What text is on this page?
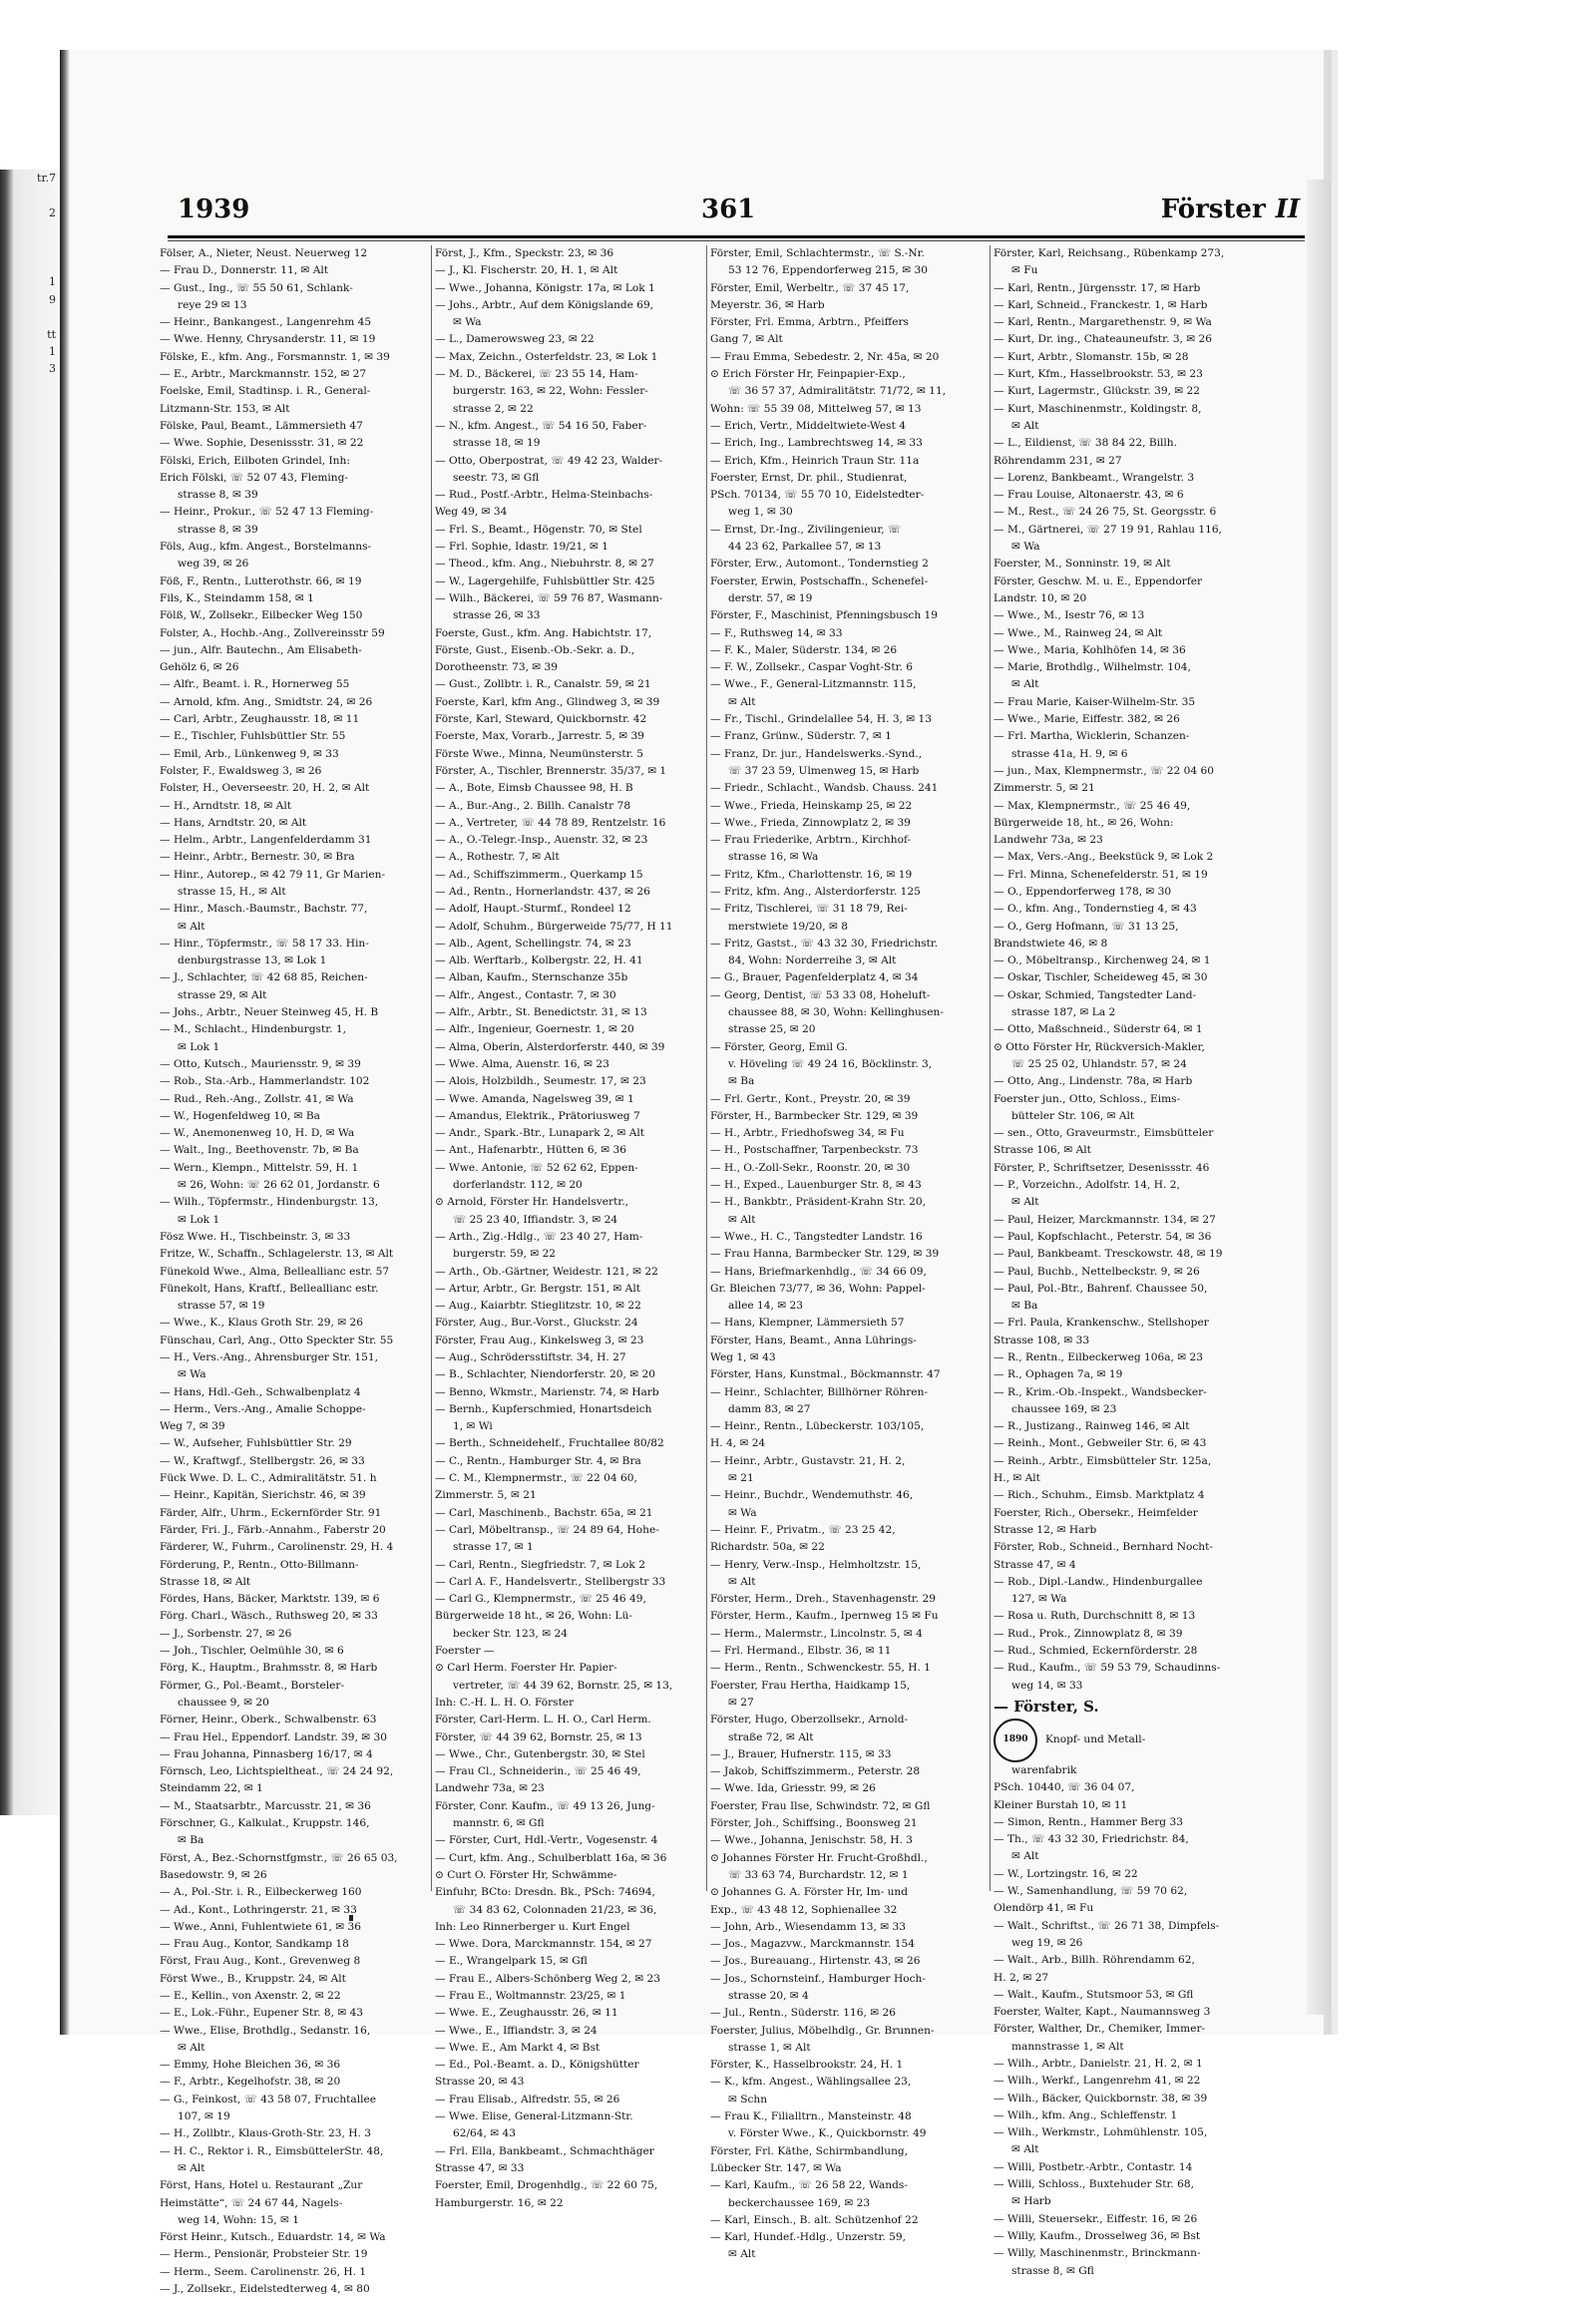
tr.7

2

1
9

tt
1
3

1939	361	Förster II
Fölser, A., Nieter, Neust. Neuerweg 12
— Frau D., Donnerstr. 11, ✉ Alt
— Gust., Ing., ☏ 55 50 61, Schlank-
reye 29 ✉ 13
— Heinr., Bankangest., Langenrehm 45
— Wwe. Henny, Chrysanderstr. 11, ✉ 19
Fölske, E., kfm. Ang., Forsmannstr. 1, ✉ 39
— E., Arbtr., Marckmannstr. 152, ✉ 27
Foelske, Emil, Stadtinsp. i. R., General-
Litzmann-Str. 153, ✉ Alt
Fölske, Paul, Beamt., Lämmersieth 47
— Wwe. Sophie, Desenissstr. 31, ✉ 22
Fölski, Erich, Eilboten Grindel, Inh:
Erich Fölski, ☏ 52 07 43, Fleming-
strasse 8, ✉ 39
— Heinr., Prokur., ☏ 52 47 13 Fleming-
strasse 8, ✉ 39
Föls, Aug., kfm. Angest., Borstelmanns-
weg 39, ✉ 26
Föß, F., Rentn., Lutterothstr. 66, ✉ 19
Fils, K., Steindamm 158, ✉ 1
Fölß, W., Zollsekr., Eilbecker Weg 150
Folster, A., Hochb.-Ang., Zollvereinsstr 59
— jun., Alfr. Bautechn., Am Elisabeth-
Gehölz 6, ✉ 26
— Alfr., Beamt. i. R., Hornerweg 55
— Arnold, kfm. Ang., Smidtstr. 24, ✉ 26
— Carl, Arbtr., Zeughausstr. 18, ✉ 11
— E., Tischler, Fuhlsbüttler Str. 55
— Emil, Arb., Lünkenweg 9, ✉ 33
Folster, F., Ewaldsweg 3, ✉ 26
Folster, H., Oeverseestr. 20, H. 2, ✉ Alt
— H., Arndtstr. 18, ✉ Alt
— Hans, Arndtstr. 20, ✉ Alt
— Helm., Arbtr., Langenfelderdamm 31
— Heinr., Arbtr., Bernestr. 30, ✉ Bra
— Hinr., Autorep., ✉ 42 79 11, Gr Marien-
strasse 15, H., ✉ Alt
— Hinr., Masch.-Baumstr., Bachstr. 77,
✉ Alt
— Hinr., Töpfermstr., ☏ 58 17 33. Hin-
denburgstrasse 13, ✉ Lok 1
— J., Schlachter, ☏ 42 68 85, Reichen-
strasse 29, ✉ Alt
— Johs., Arbtr., Neuer Steinweg 45, H. B
— M., Schlacht., Hindenburgstr. 1,
✉ Lok 1
— Otto, Kutsch., Mauriensstr. 9, ✉ 39
— Rob., Sta.-Arb., Hammerlandstr. 102
— Rud., Reh.-Ang., Zollstr. 41, ✉ Wa
— W., Hogenfeldweg 10, ✉ Ba
— W., Anemonenweg 10, H. D, ✉ Wa
— Walt., Ing., Beethovenstr. 7b, ✉ Ba
— Wern., Klempn., Mittelstr. 59, H. 1
✉ 26, Wohn: ☏ 26 62 01, Jordanstr. 6
— Wilh., Töpfermstr., Hindenburgstr. 13,
✉ Lok 1
Fösz Wwe. H., Tischbeinstr. 3, ✉ 33
Fritze, W., Schaffn., Schlagelerstr. 13, ✉ Alt
Fünekold Wwe., Alma, Belleallianc estr. 57
Fünekolt, Hans, Kraftf., Belleallianc estr.
strasse 57, ✉ 19
— Wwe., K., Klaus Groth Str. 29, ✉ 26
Fünschau, Carl, Ang., Otto Speckter Str. 55
— H., Vers.-Ang., Ahrensburger Str. 151,
✉ Wa
— Hans, Hdl.-Geh., Schwalbenplatz 4
— Herm., Vers.-Ang., Amalie Schoppe-
Weg 7, ✉ 39
— W., Aufseher, Fuhlsbüttler Str. 29
— W., Kraftwgf., Stellbergstr. 26, ✉ 33
Fück Wwe. D. L. C., Admiralitätstr. 51. h
— Heinr., Kapitän, Sierichstr. 46, ✉ 39
Färder, Alfr., Uhrm., Eckernförder Str. 91
Färder, Fri. J., Färb.-Annahm., Faberstr 20
Färderer, W., Fuhrm., Carolinenstr. 29, H. 4
Förderung, P., Rentn., Otto-Billmann-
Strasse 18, ✉ Alt
Fördes, Hans, Bäcker, Marktstr. 139, ✉ 6
Förg. Charl., Wäsch., Ruthsweg 20, ✉ 33
— J., Sorbenstr. 27, ✉ 26
— Joh., Tischler, Oelmühle 30, ✉ 6
Förg, K., Hauptm., Brahmsstr. 8, ✉ Harb
Förmer, G., Pol.-Beamt., Borsteler-
chaussee 9, ✉ 20
Förner, Heinr., Oberk., Schwalbenstr. 63
— Frau Hel., Eppendorf. Landstr. 39, ✉ 30
— Frau Johanna, Pinnasberg 16/17, ✉ 4
Förnsch, Leo, Lichtspieltheat., ☏ 24 24 92,
Steindamm 22, ✉ 1
— M., Staatsarbtr., Marcusstr. 21, ✉ 36
Förschner, G., Kalkulat., Kruppstr. 146,
✉ Ba
Först, A., Bez.-Schornstfgmstr., ☏ 26 65 03,
Basedowstr. 9, ✉ 26
— A., Pol.-Str. i. R., Eilbeckerweg 160
— Ad., Kont., Lothringerstr. 21, ✉ 33
— Wwe., Anni, Fuhlentwiete 61, ✉ 36
— Frau Aug., Kontor, Sandkamp 18
Först, Frau Aug., Kont., Grevenweg 8
Först Wwe., B., Kruppstr. 24, ✉ Alt
— E., Kellin., von Axenstr. 2, ✉ 22
— E., Lok.-Führ., Eupener Str. 8, ✉ 43
— Wwe., Elise, Brothdlg., Sedanstr. 16,
✉ Alt
— Emmy, Hohe Bleichen 36, ✉ 36
— F., Arbtr., Kegelhofstr. 38, ✉ 20
— G., Feinkost, ☏ 43 58 07, Fruchtallee
107, ✉ 19
— H., Zollbtr., Klaus-Groth-Str. 23, H. 3
— H. C., Rektor i. R., EimsbüttelerStr. 48,
✉ Alt
Först, Hans, Hotel u. Restaurant „Zur
Heimstätte“, ☏ 24 67 44, Nagels-
weg 14, Wohn: 15, ✉ 1
Först Heinr., Kutsch., Eduardstr. 14, ✉ Wa
— Herm., Pensionär, Probsteier Str. 19
— Herm., Seem. Carolinenstr. 26, H. 1
— J., Zollsekr., Eidelstedterweg 4, ✉ 80
Först, J., Kfm., Speckstr. 23, ✉ 36
— J., Kl. Fischerstr. 20, H. 1, ✉ Alt
— Wwe., Johanna, Königstr. 17a, ✉ Lok 1
— Johs., Arbtr., Auf dem Königslande 69,
✉ Wa
— L., Damerowsweg 23, ✉ 22
— Max, Zeichn., Osterfeldstr. 23, ✉ Lok 1
— M. D., Bäckerei, ☏ 23 55 14, Ham-
burgerstr. 163, ✉ 22, Wohn: Fessler-
strasse 2, ✉ 22
— N., kfm. Angest., ☏ 54 16 50, Faber-
strasse 18, ✉ 19
— Otto, Oberpostrat, ☏ 49 42 23, Walder-
seestr. 73, ✉ Gfl
— Rud., Postf.-Arbtr., Helma-Steinbachs-
Weg 49, ✉ 34
— Frl. S., Beamt., Högenstr. 70, ✉ Stel
— Frl. Sophie, Idastr. 19/21, ✉ 1
— Theod., kfm. Ang., Niebuhrstr. 8, ✉ 27
— W., Lagergehilfe, Fuhlsbüttler Str. 425
— Wilh., Bäckerei, ☏ 59 76 87, Wasmann-
strasse 26, ✉ 33
Foerste, Gust., kfm. Ang. Habichtstr. 17,
Förste, Gust., Eisenb.-Ob.-Sekr. a. D.,
Dorotheenstr. 73, ✉ 39
— Gust., Zollbtr. i. R., Canalstr. 59, ✉ 21
Foerste, Karl, kfm Ang., Glindweg 3, ✉ 39
Förste, Karl, Steward, Quickbornstr. 42
Foerste, Max, Vorarb., Jarrestr. 5, ✉ 39
Förste Wwe., Minna, Neumünsterstr. 5
Förster, A., Tischler, Brennerstr. 35/37, ✉ 1
— A., Bote, Eimsb Chaussee 98, H. B
— A., Bur.-Ang., 2. Billh. Canalstr 78
— A., Vertreter, ☏ 44 78 89, Rentzelstr. 16
— A., O.-Telegr.-Insp., Auenstr. 32, ✉ 23
— A., Rothestr. 7, ✉ Alt
— Ad., Schiffszimmerm., Querkamp 15
— Ad., Rentn., Hornerlandstr. 437, ✉ 26
— Adolf, Haupt.-Sturmf., Rondeel 12
— Adolf, Schuhm., Bürgerweide 75/77, H 11
— Alb., Agent, Schellingstr. 74, ✉ 23
— Alb. Werftarb., Kolbergstr. 22, H. 41
— Alban, Kaufm., Sternschanze 35b
— Alfr., Angest., Contastr. 7, ✉ 30
— Alfr., Arbtr., St. Benedictstr. 31, ✉ 13
— Alfr., Ingenieur, Goernestr. 1, ✉ 20
— Alma, Oberin, Alsterdorferstr. 440, ✉ 39
— Wwe. Alma, Auenstr. 16, ✉ 23
— Alois, Holzbildh., Seumestr. 17, ✉ 23
— Wwe. Amanda, Nagelsweg 39, ✉ 1
— Amandus, Elektrik., Prätoriusweg 7
— Andr., Spark.-Btr., Lunapark 2, ✉ Alt
— Ant., Hafenarbtr., Hütten 6, ✉ 36
— Wwe. Antonie, ☏ 52 62 62, Eppen-
dorferlandstr. 112, ✉ 20
⊙ Arnold, Förster Hr. Handelsvertr.,
☏ 25 23 40, Iffiandstr. 3, ✉ 24
— Arth., Zig.-Hdlg., ☏ 23 40 27, Ham-
burgerstr. 59, ✉ 22
— Arth., Ob.-Gärtner, Weidestr. 121, ✉ 22
— Artur, Arbtr., Gr. Bergstr. 151, ✉ Alt
— Aug., Kaiarbtr. Stieglitzstr. 10, ✉ 22
Förster, Aug., Bur.-Vorst., Gluckstr. 24
Förster, Frau Aug., Kinkelsweg 3, ✉ 23
— Aug., Schrödersstiftstr. 34, H. 27
— B., Schlachter, Niendorferstr. 20, ✉ 20
— Benno, Wkmstr., Marienstr. 74, ✉ Harb
— Bernh., Kupferschmied, Honartsdeich
1, ✉ Wi
— Berth., Schneidehelf., Fruchtallee 80/82
— C., Rentn., Hamburger Str. 4, ✉ Bra
— C. M., Klempnermstr., ☏ 22 04 60,
Zimmerstr. 5, ✉ 21
— Carl, Maschinenb., Bachstr. 65a, ✉ 21
— Carl, Möbeltransp., ☏ 24 89 64, Hohe-
strasse 17, ✉ 1
— Carl, Rentn., Siegfriedstr. 7, ✉ Lok 2
— Carl A. F., Handelsvertr., Stellbergstr 33
— Carl G., Klempnermstr., ☏ 25 46 49,
Bürgerweide 18 ht., ✉ 26, Wohn: Lü-
becker Str. 123, ✉ 24
Foerster —
⊙ Carl Herm. Foerster Hr. Papier-
vertreter, ☏ 44 39 62, Bornstr. 25, ✉ 13,
Inh: C.-H. L. H. O. Förster
Förster, Carl-Herm. L. H. O., Carl Herm.
Förster, ☏ 44 39 62, Bornstr. 25, ✉ 13
— Wwe., Chr., Gutenbergstr. 30, ✉ Stel
— Frau Cl., Schneiderin., ☏ 25 46 49,
Landwehr 73a, ✉ 23
Förster, Conr. Kaufm., ☏ 49 13 26, Jung-
mannstr. 6, ✉ Gfl
— Förster, Curt, Hdl.-Vertr., Vogesenstr. 4
— Curt, kfm. Ang., Schulberblatt 16a, ✉ 36
⊙ Curt O. Förster Hr, Schwämme-
Einfuhr, BCto: Dresdn. Bk., PSch: 74694,
☏ 34 83 62, Colonnaden 21/23, ✉ 36,
Inh: Leo Rinnerberger u. Kurt Engel
— Wwe. Dora, Marckmannstr. 154, ✉ 27
— E., Wrangelpark 15, ✉ Gfl
— Frau E., Albers-Schönberg Weg 2, ✉ 23
— Frau E., Woltmannstr. 23/25, ✉ 1
— Wwe. E., Zeughausstr. 26, ✉ 11
— Wwe., E., Iffiandstr. 3, ✉ 24
— Wwe. E., Am Markt 4, ✉ Bst
— Ed., Pol.-Beamt. a. D., Königshütter
Strasse 20, ✉ 43
— Frau Elisab., Alfredstr. 55, ✉ 26
— Wwe. Elise, General-Litzmann-Str.
62/64, ✉ 43
— Frl. Ella, Bankbeamt., Schmachthäger
Strasse 47, ✉ 33
Foerster, Emil, Drogenhdlg., ☏ 22 60 75,
Hamburgerstr. 16, ✉ 22
Förster, Emil, Schlachtermstr., ☏ S.-Nr.
53 12 76, Eppendorferweg 215, ✉ 30
Förster, Emil, Werbeltr., ☏ 37 45 17,
Meyerstr. 36, ✉ Harb
Förster, Frl. Emma, Arbtrn., Pfeiffers
Gang 7, ✉ Alt
— Frau Emma, Sebedestr. 2, Nr. 45a, ✉ 20
⊙ Erich Förster Hr, Feinpapier-Exp.,
☏ 36 57 37, Admiralitätstr. 71/72, ✉ 11,
Wohn: ☏ 55 39 08, Mittelweg 57, ✉ 13
— Erich, Vertr., Middeltwiete-West 4
— Erich, Ing., Lambrechtsweg 14, ✉ 33
— Erich, Kfm., Heinrich Traun Str. 11a
Foerster, Ernst, Dr. phil., Studienrat,
PSch. 70134, ☏ 55 70 10, Eidelstedter-
weg 1, ✉ 30
— Ernst, Dr.-Ing., Zivilingenieur, ☏
44 23 62, Parkallee 57, ✉ 13
Förster, Erw., Automont., Tondernstieg 2
Foerster, Erwin, Postschaffn., Schenefel-
derstr. 57, ✉ 19
Förster, F., Maschinist, Pfenningsbusch 19
— F., Ruthsweg 14, ✉ 33
— F. K., Maler, Süderstr. 134, ✉ 26
— F. W., Zollsekr., Caspar Voght-Str. 6
— Wwe., F., General-Litzmannstr. 115,
✉ Alt
— Fr., Tischl., Grindelallee 54, H. 3, ✉ 13
— Franz, Grünw., Süderstr. 7, ✉ 1
— Franz, Dr. jur., Handelswerks.-Synd.,
☏ 37 23 59, Ulmenweg 15, ✉ Harb
— Friedr., Schlacht., Wandsb. Chauss. 241
— Wwe., Frieda, Heinskamp 25, ✉ 22
— Wwe., Frieda, Zinnowplatz 2, ✉ 39
— Frau Friederike, Arbtrn., Kirchhof-
strasse 16, ✉ Wa
— Fritz, Kfm., Charlottenstr. 16, ✉ 19
— Fritz, kfm. Ang., Alsterdorferstr. 125
— Fritz, Tischlerei, ☏ 31 18 79, Rei-
merstwiete 19/20, ✉ 8
— Fritz, Gastst., ☏ 43 32 30, Friedrichstr.
84, Wohn: Norderreihe 3, ✉ Alt
— G., Brauer, Pagenfelderplatz 4, ✉ 34
— Georg, Dentist, ☏ 53 33 08, Hoheluft-
chaussee 88, ✉ 30, Wohn: Kellinghusen-
strasse 25, ✉ 20
— Förster, Georg, Emil G.
v. Höveling ☏ 49 24 16, Böcklinstr. 3,
✉ Ba
— Frl. Gertr., Kont., Preystr. 20, ✉ 39
Förster, H., Barmbecker Str. 129, ✉ 39
— H., Arbtr., Friedhofsweg 34, ✉ Fu
— H., Postschaffner, Tarpenbeckstr. 73
— H., O.-Zoll-Sekr., Roonstr. 20, ✉ 30
— H., Exped., Lauenburger Str. 8, ✉ 43
— H., Bankbtr., Präsident-Krahn Str. 20,
✉ Alt
— Wwe., H. C., Tangstedter Landstr. 16
— Frau Hanna, Barmbecker Str. 129, ✉ 39
— Hans, Briefmarkenhdlg., ☏ 34 66 09,
Gr. Bleichen 73/77, ✉ 36, Wohn: Pappel-
allee 14, ✉ 23
— Hans, Klempner, Lämmersieth 57
Förster, Hans, Beamt., Anna Lührings-
Weg 1, ✉ 43
Förster, Hans, Kunstmal., Böckmannstr. 47
— Heinr., Schlachter, Billhörner Röhren-
damm 83, ✉ 27
— Heinr., Rentn., Lübeckerstr. 103/105,
H. 4, ✉ 24
— Heinr., Arbtr., Gustavstr. 21, H. 2,
✉ 21
— Heinr., Buchdr., Wendemuthstr. 46,
✉ Wa
— Heinr. F., Privatm., ☏ 23 25 42,
Richardstr. 50a, ✉ 22
— Henry, Verw.-Insp., Helmholtzstr. 15,
✉ Alt
Förster, Herm., Dreh., Stavenhagenstr. 29
Förster, Herm., Kaufm., Ipernweg 15 ✉ Fu
— Herm., Malermstr., Lincolnstr. 5, ✉ 4
— Frl. Hermand., Elbstr. 36, ✉ 11
— Herm., Rentn., Schwenckestr. 55, H. 1
Foerster, Frau Hertha, Haidkamp 15,
✉ 27
Förster, Hugo, Oberzollsekr., Arnold-
straße 72, ✉ Alt
— J., Brauer, Hufnerstr. 115, ✉ 33
— Jakob, Schiffszimmerm., Peterstr. 28
— Wwe. Ida, Griesstr. 99, ✉ 26
Foerster, Frau Ilse, Schwindstr. 72, ✉ Gfl
Förster, Joh., Schiffsing., Boonsweg 21
— Wwe., Johanna, Jenischstr. 58, H. 3
⊙ Johannes Förster Hr. Frucht-Großhdl.,
☏ 33 63 74, Burchardstr. 12, ✉ 1
⊙ Johannes G. A. Förster Hr, Im- und
Exp., ☏ 43 48 12, Sophienallee 32
— John, Arb., Wiesendamm 13, ✉ 33
— Jos., Magazvw., Marckmannstr. 154
— Jos., Bureauang., Hirtenstr. 43, ✉ 26
— Jos., Schornsteinf., Hamburger Hoch-
strasse 20, ✉ 4
— Jul., Rentn., Süderstr. 116, ✉ 26
Foerster, Julius, Möbelhdlg., Gr. Brunnen-
strasse 1, ✉ Alt
Förster, K., Hasselbrookstr. 24, H. 1
— K., kfm. Angest., Wählingsallee 23,
✉ Schn
— Frau K., Filialltrn., Mansteinstr. 48
v. Förster Wwe., K., Quickbornstr. 49
Förster, Frl. Käthe, Schirmbandlung,
Lübecker Str. 147, ✉ Wa
— Karl, Kaufm., ☏ 26 58 22, Wands-
beckerchaussee 169, ✉ 23
— Karl, Einsch., B. alt. Schützenhof 22
— Karl, Hundef.-Hdlg., Unzerstr. 59,
✉ Alt
Förster, Karl, Reichsang., Rübenkamp 273,
✉ Fu
— Karl, Rentn., Jürgensstr. 17, ✉ Harb
— Karl, Schneid., Franckestr. 1, ✉ Harb
— Karl, Rentn., Margarethenstr. 9, ✉ Wa
— Kurt, Dr. ing., Chateauneufstr. 3, ✉ 26
— Kurt, Arbtr., Slomanstr. 15b, ✉ 28
— Kurt, Kfm., Hasselbrookstr. 53, ✉ 23
— Kurt, Lagermstr., Glückstr. 39, ✉ 22
— Kurt, Maschinenmstr., Koldingstr. 8,
✉ Alt
— L., Eildienst, ☏ 38 84 22, Billh.
Röhrendamm 231, ✉ 27
— Lorenz, Bankbeamt., Wrangelstr. 3
— Frau Louise, Altonaerstr. 43, ✉ 6
— M., Rest., ☏ 24 26 75, St. Georgsstr. 6
— M., Gärtnerei, ☏ 27 19 91, Rahlau 116,
✉ Wa
Foerster, M., Sonninstr. 19, ✉ Alt
Förster, Geschw. M. u. E., Eppendorfer
Landstr. 10, ✉ 20
— Wwe., M., Isestr 76, ✉ 13
— Wwe., M., Rainweg 24, ✉ Alt
— Wwe., Maria, Kohlhöfen 14, ✉ 36
— Marie, Brothdlg., Wilhelmstr. 104,
✉ Alt
— Frau Marie, Kaiser-Wilhelm-Str. 35
— Wwe., Marie, Eiffestr. 382, ✉ 26
— Frl. Martha, Wicklerin, Schanzen-
strasse 41a, H. 9, ✉ 6
— jun., Max, Klempnermstr., ☏ 22 04 60
Zimmerstr. 5, ✉ 21
— Max, Klempnermstr., ☏ 25 46 49,
Bürgerweide 18, ht., ✉ 26, Wohn:
Landwehr 73a, ✉ 23
— Max, Vers.-Ang., Beekstück 9, ✉ Lok 2
— Frl. Minna, Schenefelderstr. 51, ✉ 19
— O., Eppendorferweg 178, ✉ 30
— O., kfm. Ang., Tondernstieg 4, ✉ 43
— O., Gerg Hofmann, ☏ 31 13 25,
Brandstwiete 46, ✉ 8
— O., Möbeltransp., Kirchenweg 24, ✉ 1
— Oskar, Tischler, Scheideweg 45, ✉ 30
— Oskar, Schmied, Tangstedter Land-
strasse 187, ✉ La 2
— Otto, Maßschneid., Süderstr 64, ✉ 1
⊙ Otto Förster Hr, Rückversich-Makler,
☏ 25 25 02, Uhlandstr. 57, ✉ 24
— Otto, Ang., Lindenstr. 78a, ✉ Harb
Foerster jun., Otto, Schloss., Eims-
bütteler Str. 106, ✉ Alt
— sen., Otto, Graveurmstr., Eimsbütteler
Strasse 106, ✉ Alt
Förster, P., Schriftsetzer, Desenissstr. 46
— P., Vorzeichn., Adolfstr. 14, H. 2,
✉ Alt
— Paul, Heizer, Marckmannstr. 134, ✉ 27
— Paul, Kopfschlacht., Peterstr. 54, ✉ 36
— Paul, Bankbeamt. Tresckowstr. 48, ✉ 19
— Paul, Buchb., Nettelbeckstr. 9, ✉ 26
— Paul, Pol.-Btr., Bahrenf. Chaussee 50,
✉ Ba
— Frl. Paula, Krankenschw., Stellshoper
Strasse 108, ✉ 33
— R., Rentn., Eilbeckerweg 106a, ✉ 23
— R., Ophagen 7a, ✉ 19
— R., Krim.-Ob.-Inspekt., Wandsbecker-
chaussee 169, ✉ 23
— R., Justizang., Rainweg 146, ✉ Alt
— Reinh., Mont., Gebweiler Str. 6, ✉ 43
— Reinh., Arbtr., Eimsbütteler Str. 125a,
H., ✉ Alt
— Rich., Schuhm., Eimsb. Marktplatz 4
Foerster, Rich., Obersekr., Heimfelder
Strasse 12, ✉ Harb
Förster, Rob., Schneid., Bernhard Nocht-
Strasse 47, ✉ 4
— Rob., Dipl.-Landw., Hindenburgallee
127, ✉ Wa
— Rosa u. Ruth, Durchschnitt 8, ✉ 13
— Rud., Prok., Zinnowplatz 8, ✉ 39
— Rud., Schmied, Eckernförderstr. 28
— Rud., Kaufm., ☏ 59 53 79, Schaudinns-
weg 14, ✉ 33
— Förster, S.
1890	Knopf- und Metall-
warenfabrik
PSch. 10440, ☏ 36 04 07,
Kleiner Burstah 10, ✉ 11
— Simon, Rentn., Hammer Berg 33
— Th., ☏ 43 32 30, Friedrichstr. 84,
✉ Alt
— W., Lortzingstr. 16, ✉ 22
— W., Samenhandlung, ☏ 59 70 62,
Olendörp 41, ✉ Fu
— Walt., Schriftst., ☏ 26 71 38, Dimpfels-
weg 19, ✉ 26
— Walt., Arb., Billh. Röhrendamm 62,
H. 2, ✉ 27
— Walt., Kaufm., Stutsmoor 53, ✉ Gfl
Foerster, Walter, Kapt., Naumannsweg 3
Förster, Walther, Dr., Chemiker, Immer-
mannstrasse 1, ✉ Alt
— Wilh., Arbtr., Danielstr. 21, H. 2, ✉ 1
— Wilh., Werkf., Langenrehm 41, ✉ 22
— Wilh., Bäcker, Quickbornstr. 38, ✉ 39
— Wilh., kfm. Ang., Schleffenstr. 1
— Wilh., Werkmstr., Lohmühlenstr. 105,
✉ Alt
— Willi, Postbetr.-Arbtr., Contastr. 14
— Willi, Schloss., Buxtehuder Str. 68,
✉ Harb
— Willi, Steuersekr., Eiffestr. 16, ✉ 26
— Willy, Kaufm., Drosselweg 36, ✉ Bst
— Willy, Maschinenmstr., Brinckmann-
strasse 8, ✉ Gfl
